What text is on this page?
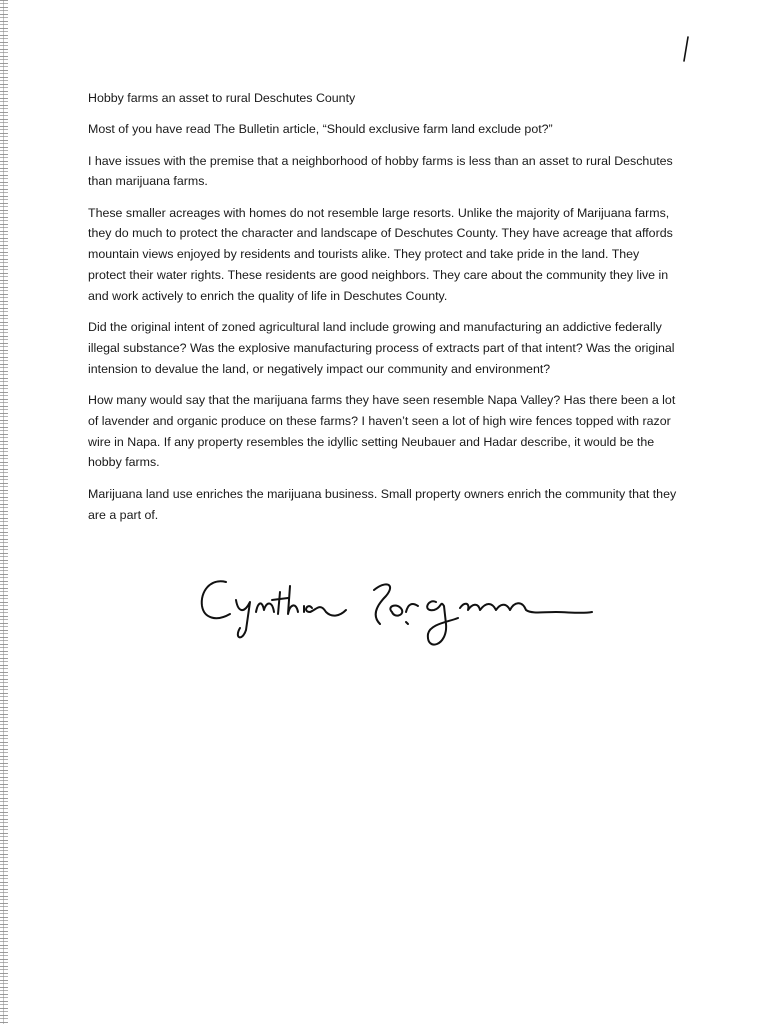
Hobby farms an asset to rural Deschutes County

Most of you have read The Bulletin article, “Should exclusive farm land exclude pot?”

I have issues with the premise that a neighborhood of hobby farms is less than an asset to rural Deschutes than marijuana farms.

These smaller acreages with homes do not resemble large resorts. Unlike the majority of Marijuana farms, they do much to protect the character and landscape of Deschutes County. They have acreage that affords mountain views enjoyed by residents and tourists alike. They protect and take pride in the land. They protect their water rights. These residents are good neighbors. They care about the community they live in and work actively to enrich the quality of life in Deschutes County.

Did the original intent of zoned agricultural land include growing and manufacturing an addictive federally illegal substance? Was the explosive manufacturing process of extracts part of that intent? Was the original intension to devalue the land, or negatively impact our community and environment?

How many would say that the marijuana farms they have seen resemble Napa Valley? Has there been a lot of lavender and organic produce on these farms? I haven’t seen a lot of high wire fences topped with razor wire in Napa. If any property resembles the idyllic setting Neubauer and Hadar describe, it would be the hobby farms.

Marijuana land use enriches the marijuana business. Small property owners enrich the community that they are a part of.
